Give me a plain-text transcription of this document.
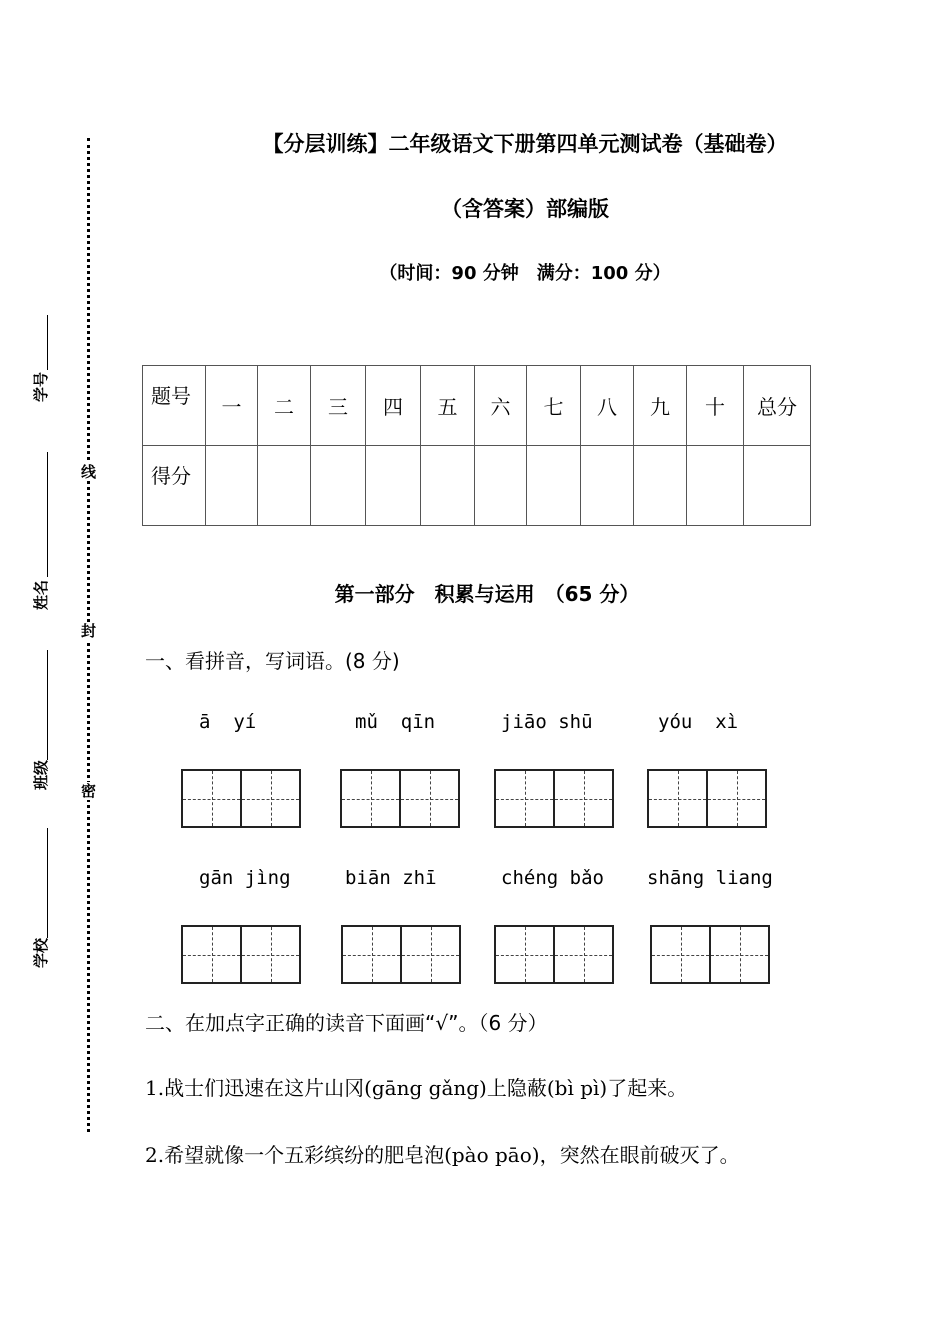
线
封
密
学号
姓名
班级
学校
【分层训练】二年级语文下册第四单元测试卷（基础卷）
（含答案）部编版
（时间：90 分钟　满分：100 分）
题号	一	二	三	四	五	六	七	八	九	十	总分
得分											
第一部分　积累与运用　（65 分）
一、看拼音，写词语。(8 分)
ā  yí	mǔ  qīn	jiāo shū	yóu  xì
gān jìng	biān zhī	chéng bǎo shāng liang
二、在加点字正确的读音下面画“√”。（6 分）
1.战士们迅速在这片山冈(gāng gǎng)上隐蔽(bì pì)了起来。
2.希望就像一个五彩缤纷的肥皂泡(pào pāo)，突然在眼前破灭了。
